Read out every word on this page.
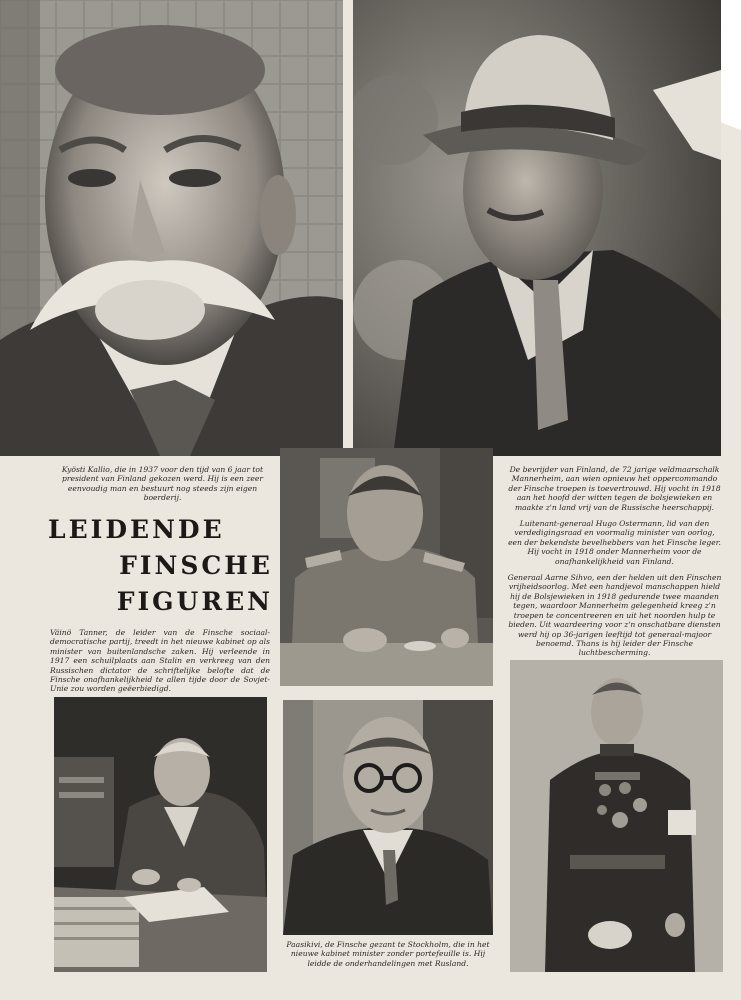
Kyösti Kallio, die in 1937 voor den tijd van 6 jaar tot president van Finland gekozen werd. Hij is een zeer eenvoudig man en bestuurt nog steeds zijn eigen boerderij.
LEIDENDE
FINSCHE
FIGUREN

De bevrijder van Finland, de 72 jarige veldmaarschalk Mannerheim, aan wien opnieuw het oppercommando der Finsche troepen is toevertrouwd. Hij vocht in 1918 aan het hoofd der witten tegen de bolsjewieken en maakte z'n land vrij van de Russische heerschappij.

Luitenant-generaal Hugo Ostermann, lid van den verdedigingsraad en voormalig minister van oorlog, een der bekendste bevelhebbers van het Finsche leger. Hij vocht in 1918 onder Mannerheim voor de onafhankelijkheid van Finland.

Generaal Aarne Sihvo, een der helden uit den Finschen vrijheidsoorlog. Met een handjevol manschappen hield hij de Bolsjewieken in 1918 gedurende twee maanden tegen, waardoor Mannerheim gelegenheid kreeg z'n troepen te concentreeren en uit het noorden hulp te bieden. Uit waardeering voor z'n onschatbare diensten werd hij op 36-jarigen leeftijd tot generaal-majoor benoemd. Thans is hij leider der Finsche luchtbescherming.

Väinö Tanner, de leider van de Finsche sociaal-democratische partij, treedt in het nieuwe kabinet op als minister van buitenlandsche zaken. Hij verleende in 1917 een schuilplaats aan Stalin en verkreeg van den Russischen dictator de schriftelijke belofte dat de Finsche onafhankelijkheid te allen tijde door de Sovjet-Unie zou worden geëerbiedigd.
Paasikivi, de Finsche gezant te Stockholm, die in het nieuwe kabinet minister zonder portefeuille is. Hij leidde de onderhandelingen met Rusland.
